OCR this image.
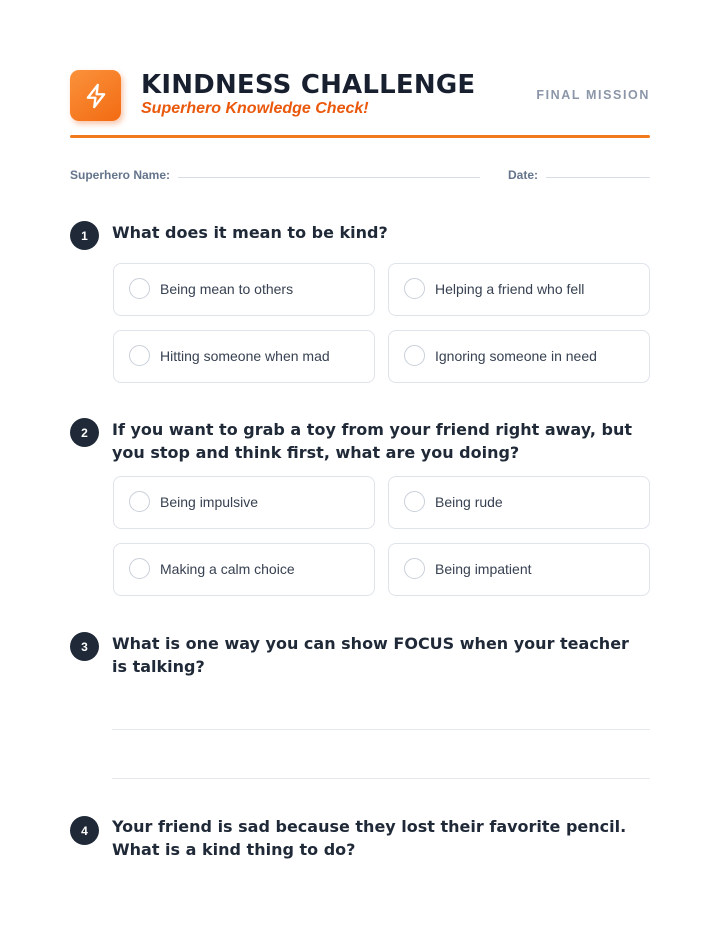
KINDNESS CHALLENGE
Superhero Knowledge Check!
FINAL MISSION
Superhero Name:	Date:
1	What does it mean to be kind?
Being mean to others	Helping a friend who fell
Hitting someone when mad	Ignoring someone in need
2	If you want to grab a toy from your friend right away, but you stop and think first, what are you doing?
Being impulsive	Being rude
Making a calm choice	Being impatient
3	What is one way you can show FOCUS when your teacher is talking?
4	Your friend is sad because they lost their favorite pencil. What is a kind thing to do?
